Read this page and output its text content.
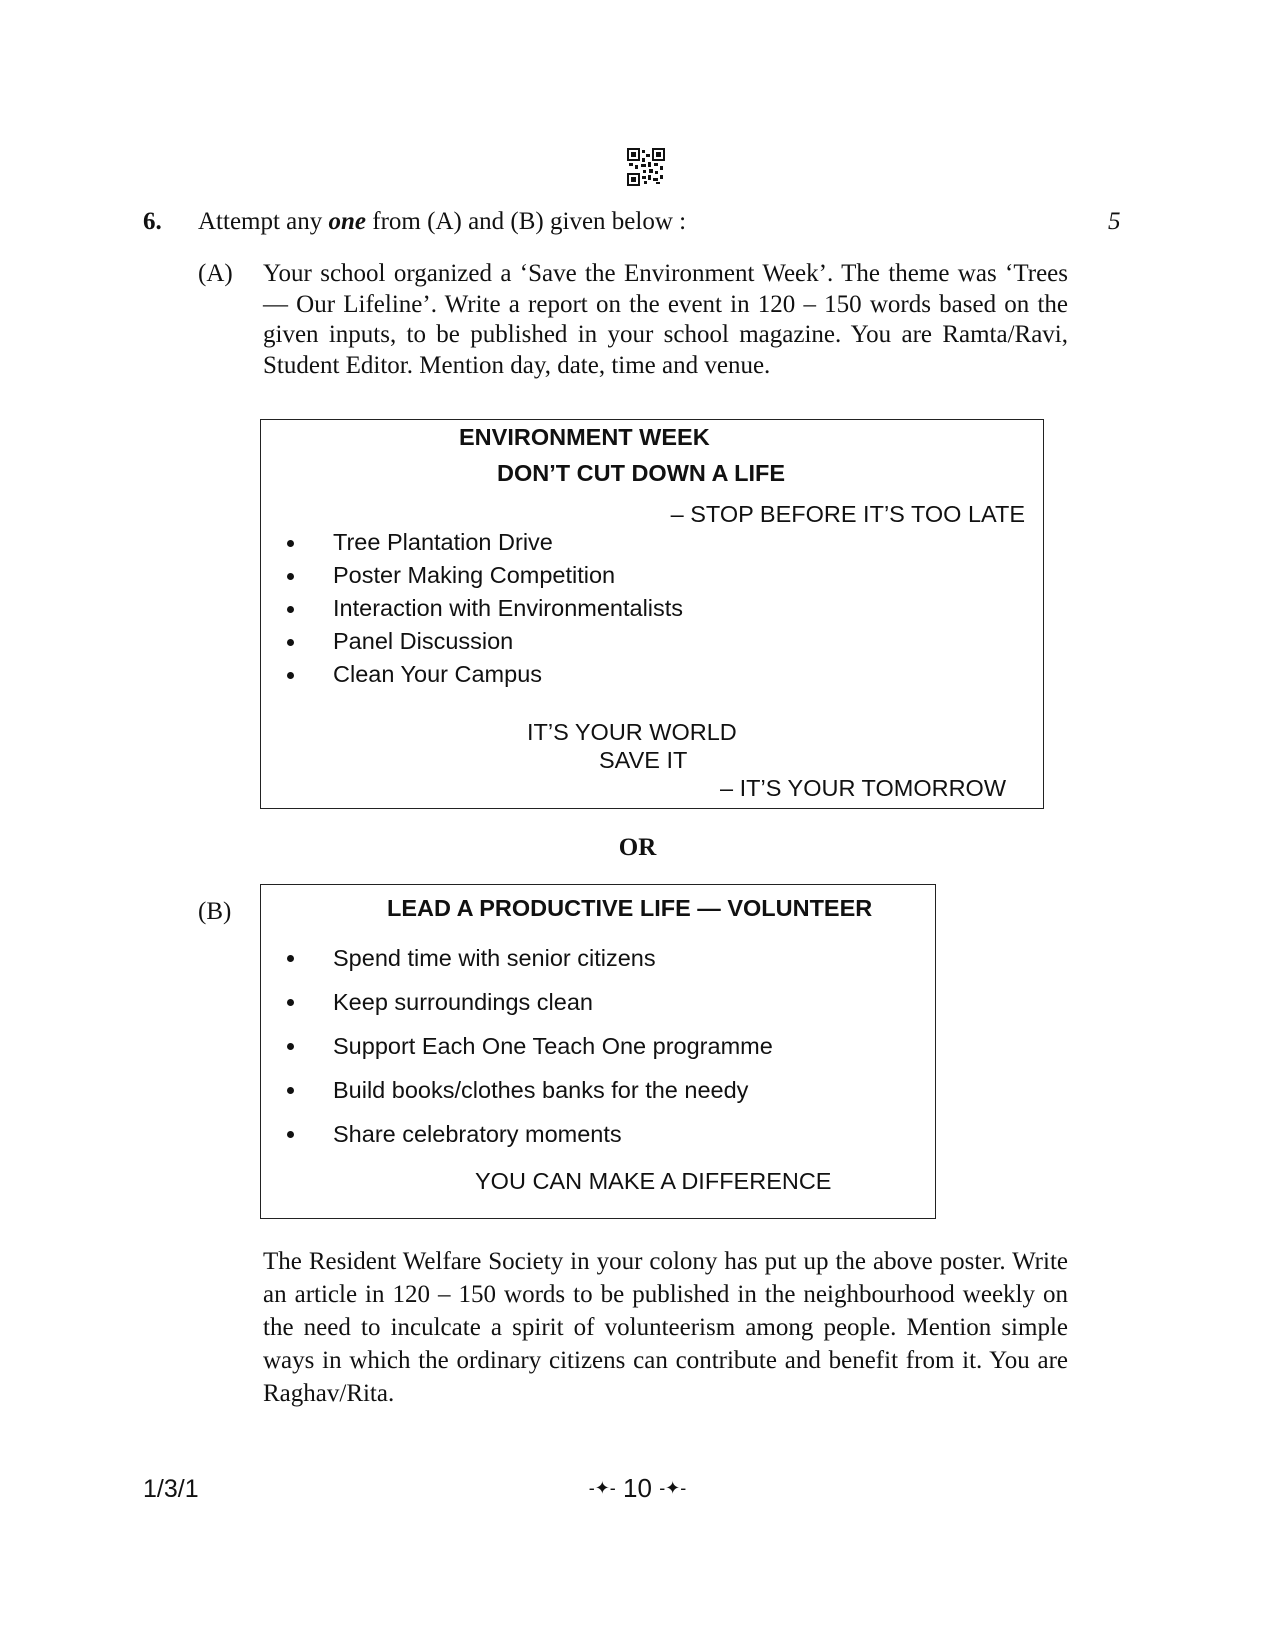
6. Attempt any one from (A) and (B) given below :	5
(A) Your school organized a ‘Save the Environment Week’. The theme was ‘Trees — Our Lifeline’. Write a report on the event in 120 – 150 words based on the given inputs, to be published in your school magazine. You are Ramta/Ravi, Student Editor. Mention day, date, time and venue.
ENVIRONMENT WEEK
DON’T CUT DOWN A LIFE
– STOP BEFORE IT’S TOO LATE
Tree Plantation Drive
Poster Making Competition
Interaction with Environmentalists
Panel Discussion
Clean Your Campus
IT’S YOUR WORLD
SAVE IT
– IT’S YOUR TOMORROW
OR
(B)	LEAD A PRODUCTIVE LIFE — VOLUNTEER
Spend time with senior citizens
Keep surroundings clean
Support Each One Teach One programme
Build books/clothes banks for the needy
Share celebratory moments
YOU CAN MAKE A DIFFERENCE
The Resident Welfare Society in your colony has put up the above poster. Write an article in 120 – 150 words to be published in the neighbourhood weekly on the need to inculcate a spirit of volunteerism among people. Mention simple ways in which the ordinary citizens can contribute and benefit from it. You are Raghav/Rita.
1/3/1	-✦- 10 -✦-
